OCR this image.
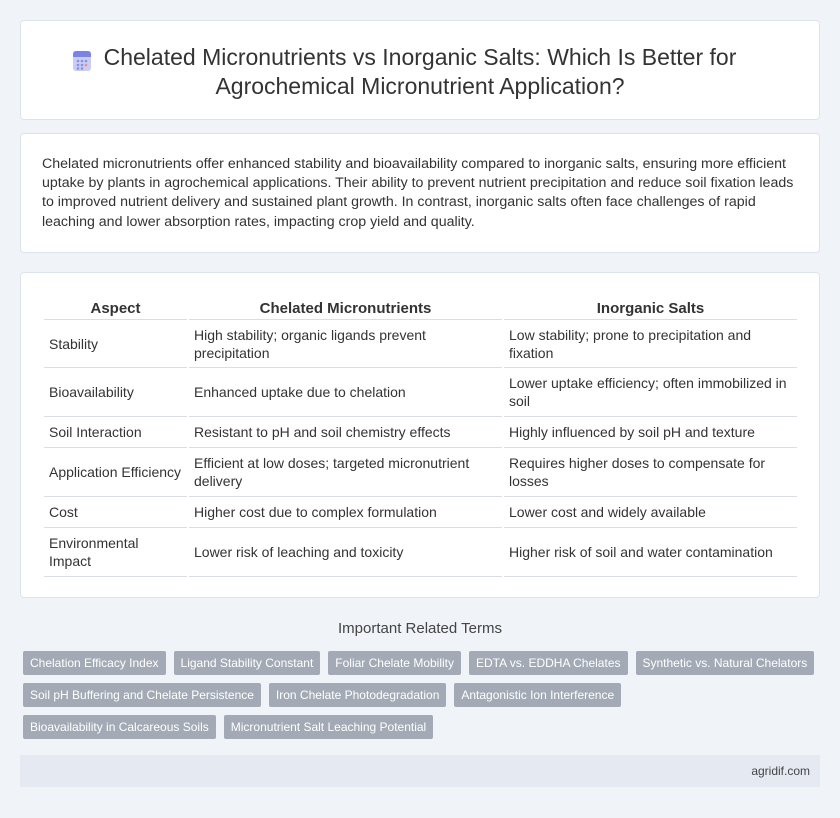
Chelated Micronutrients vs Inorganic Salts: Which Is Better for
Agrochemical Micronutrient Application?

Chelated micronutrients offer enhanced stability and bioavailability compared to inorganic salts, ensuring more efficient uptake by plants in agrochemical applications. Their ability to prevent nutrient precipitation and reduce soil fixation leads to improved nutrient delivery and sustained plant growth. In contrast, inorganic salts often face challenges of rapid leaching and lower absorption rates, impacting crop yield and quality.

Aspect	Chelated Micronutrients	Inorganic Salts
Stability	High stability; organic ligands prevent precipitation	Low stability; prone to precipitation and fixation
Bioavailability	Enhanced uptake due to chelation	Lower uptake efficiency; often immobilized in soil
Soil Interaction	Resistant to pH and soil chemistry effects	Highly influenced by soil pH and texture
Application Efficiency	Efficient at low doses; targeted micronutrient delivery	Requires higher doses to compensate for losses
Cost	Higher cost due to complex formulation	Lower cost and widely available
Environmental Impact	Lower risk of leaching and toxicity	Higher risk of soil and water contamination
Important Related Terms
Chelation Efficacy Index	Ligand Stability Constant	Foliar Chelate Mobility	EDTA vs. EDDHA Chelates	Synthetic vs. Natural Chelators
Soil pH Buffering and Chelate Persistence	Iron Chelate Photodegradation	Antagonistic Ion Interference
Bioavailability in Calcareous Soils	Micronutrient Salt Leaching Potential
agridif.com
